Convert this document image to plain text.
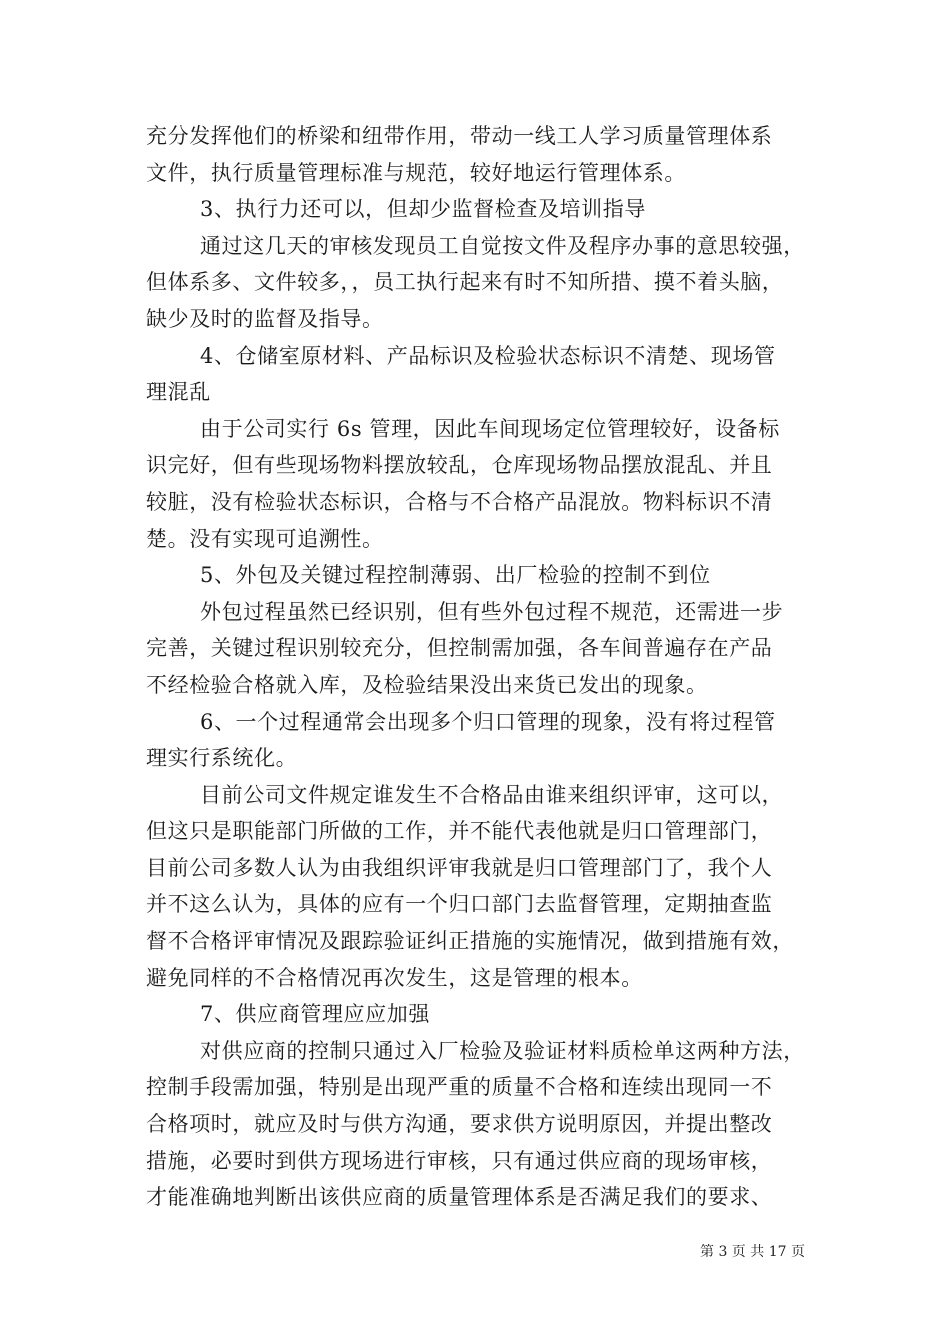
充分发挥他们的桥梁和纽带作用，带动一线工人学习质量管理体系
文件，执行质量管理标准与规范，较好地运行管理体系。
3、执行力还可以，但却少监督检查及培训指导
通过这几天的审核发现员工自觉按文件及程序办事的意思较强，
但体系多、文件较多，，员工执行起来有时不知所措、摸不着头脑，
缺少及时的监督及指导。
4、仓储室原材料、产品标识及检验状态标识不清楚、现场管
理混乱
由于公司实行 6s 管理，因此车间现场定位管理较好，设备标
识完好，但有些现场物料摆放较乱，仓库现场物品摆放混乱、并且
较脏，没有检验状态标识，合格与不合格产品混放。物料标识不清
楚。没有实现可追溯性。
5、外包及关键过程控制薄弱、出厂检验的控制不到位
外包过程虽然已经识别，但有些外包过程不规范，还需进一步
完善，关键过程识别较充分，但控制需加强，各车间普遍存在产品
不经检验合格就入库，及检验结果没出来货已发出的现象。
6、一个过程通常会出现多个归口管理的现象，没有将过程管
理实行系统化。
目前公司文件规定谁发生不合格品由谁来组织评审，这可以，
但这只是职能部门所做的工作，并不能代表他就是归口管理部门，
目前公司多数人认为由我组织评审我就是归口管理部门了，我个人
并不这么认为，具体的应有一个归口部门去监督管理，定期抽查监
督不合格评审情况及跟踪验证纠正措施的实施情况，做到措施有效，
避免同样的不合格情况再次发生，这是管理的根本。
7、供应商管理应应加强
对供应商的控制只通过入厂检验及验证材料质检单这两种方法，
控制手段需加强，特别是出现严重的质量不合格和连续出现同一不
合格项时，就应及时与供方沟通，要求供方说明原因，并提出整改
措施，必要时到供方现场进行审核，只有通过供应商的现场审核，
才能准确地判断出该供应商的质量管理体系是否满足我们的要求、
第 3 页 共 17 页
